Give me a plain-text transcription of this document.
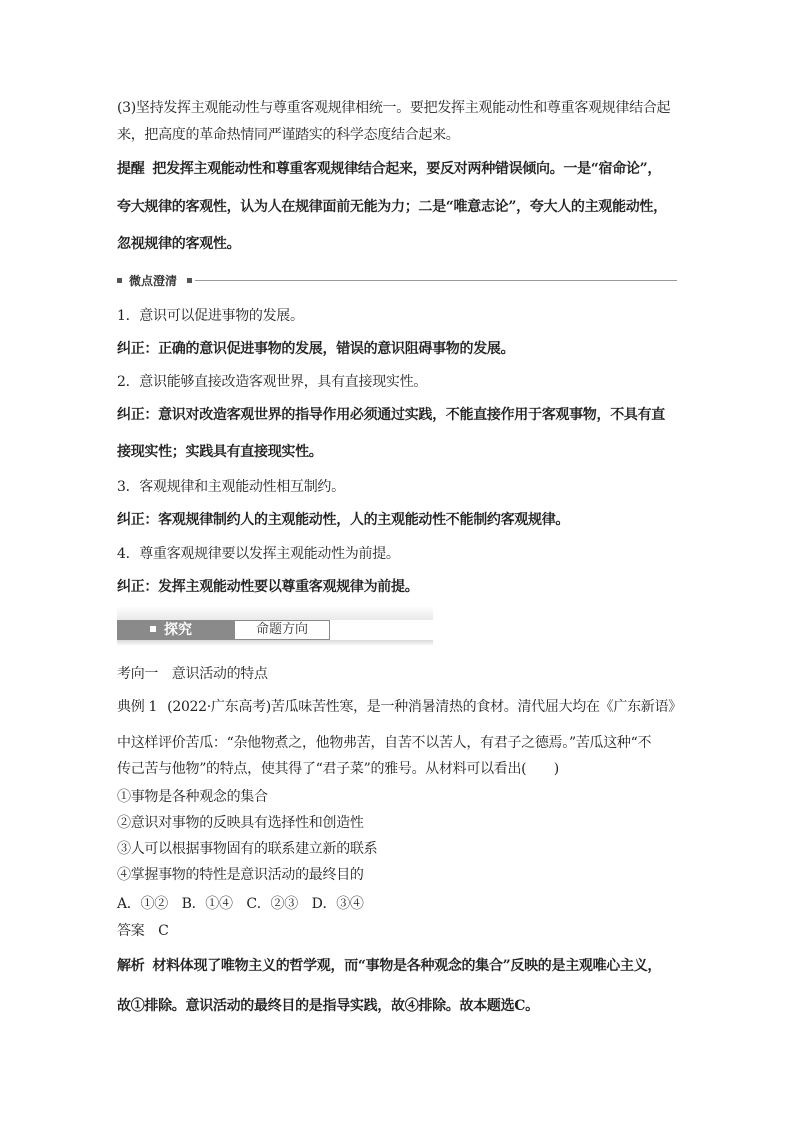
(3)坚持发挥主观能动性与尊重客观规律相统一。要把发挥主观能动性和尊重客观规律结合起
来，把高度的革命热情同严谨踏实的科学态度结合起来。
提醒 把发挥主观能动性和尊重客观规律结合起来，要反对两种错误倾向。一是“宿命论”，
夸大规律的客观性，认为人在规律面前无能为力；二是“唯意志论”，夸大人的主观能动性，
忽视规律的客观性。
微点澄清
1．意识可以促进事物的发展。
纠正：正确的意识促进事物的发展，错误的意识阻碍事物的发展。
2．意识能够直接改造客观世界，具有直接现实性。
纠正：意识对改造客观世界的指导作用必须通过实践，不能直接作用于客观事物，不具有直
接现实性；实践具有直接现实性。
3．客观规律和主观能动性相互制约。
纠正：客观规律制约人的主观能动性，人的主观能动性不能制约客观规律。
4．尊重客观规律要以发挥主观能动性为前提。
纠正：发挥主观能动性要以尊重客观规律为前提。
探究	命题方向
考向一　意识活动的特点
典例 1 (2022·广东高考)苦瓜味苦性寒，是一种消暑清热的食材。清代屈大均在《广东新语》
中这样评价苦瓜：“杂他物煮之，他物弗苦，自苦不以苦人，有君子之德焉。”苦瓜这种“不
传己苦与他物”的特点，使其得了“君子菜”的雅号。从材料可以看出(　　)
①事物是各种观念的集合
②意识对事物的反映具有选择性和创造性
③人可以根据事物固有的联系建立新的联系
④掌握事物的特性是意识活动的最终目的
A．①②　B．①④　C．②③　D．③④
答案　C
解析 材料体现了唯物主义的哲学观，而“事物是各种观念的集合”反映的是主观唯心主义，
故①排除。意识活动的最终目的是指导实践，故④排除。故本题选C。
